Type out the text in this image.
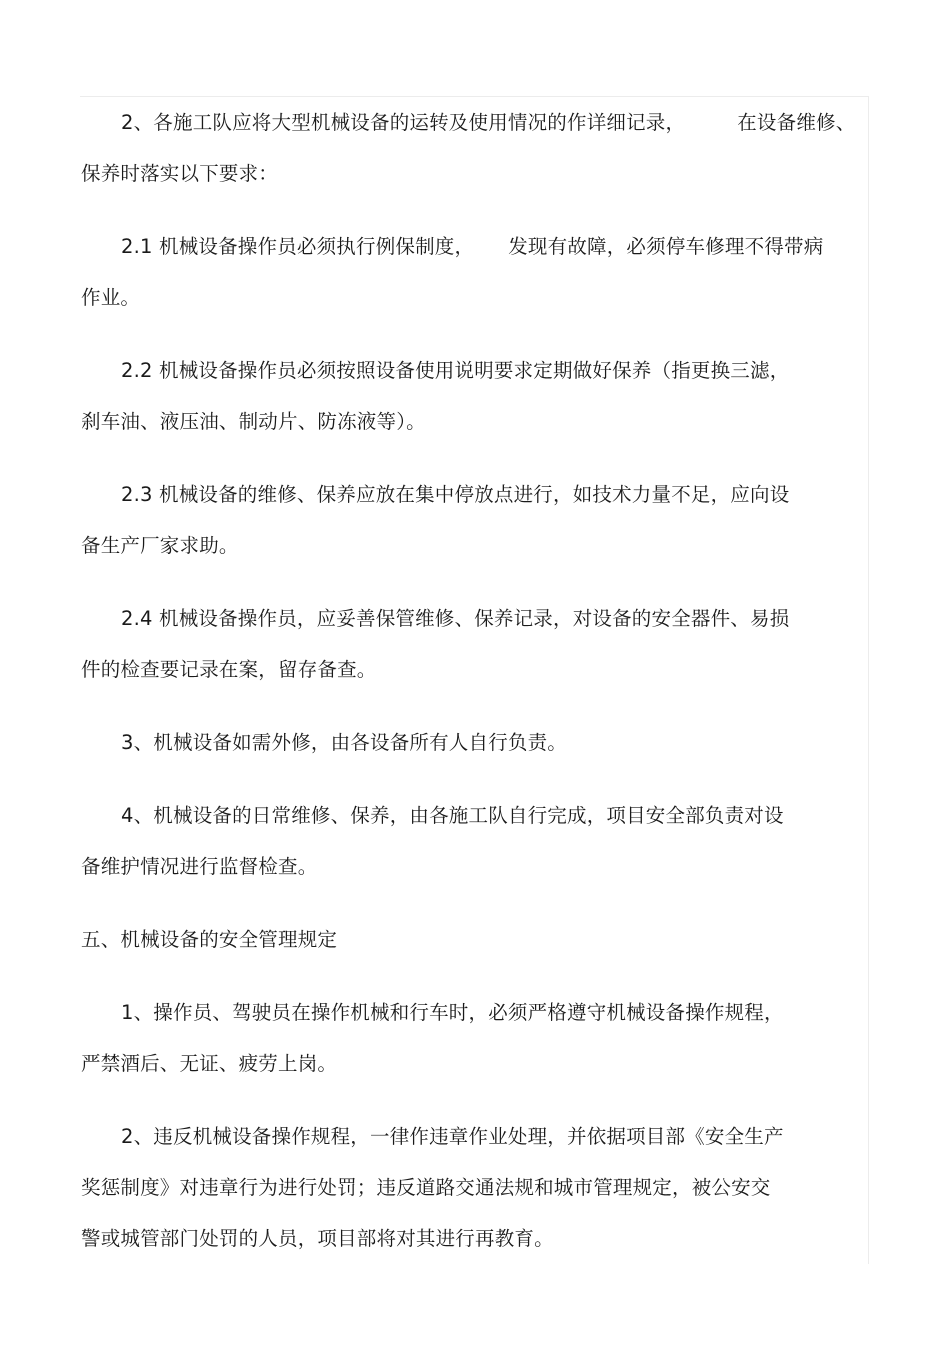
2、各施工队应将大型机械设备的运转及使用情况的作详细记录，	在设备维修、
保养时落实以下要求：
2.1 机械设备操作员必须执行例保制度， 发现有故障，必须停车修理不得带病
作业。
2.2 机械设备操作员必须按照设备使用说明要求定期做好保养（指更换三滤，
刹车油、液压油、制动片、防冻液等）。
2.3 机械设备的维修、保养应放在集中停放点进行，如技术力量不足，应向设
备生产厂家求助。
2.4 机械设备操作员，应妥善保管维修、保养记录，对设备的安全器件、易损
件的检查要记录在案，留存备查。
3、机械设备如需外修，由各设备所有人自行负责。
4、机械设备的日常维修、保养，由各施工队自行完成，项目安全部负责对设
备维护情况进行监督检查。
五、机械设备的安全管理规定
1、操作员、驾驶员在操作机械和行车时，必须严格遵守机械设备操作规程，
严禁酒后、无证、疲劳上岗。
2、违反机械设备操作规程，一律作违章作业处理，并依据项目部《安全生产
奖惩制度》对违章行为进行处罚；违反道路交通法规和城市管理规定，被公安交
警或城管部门处罚的人员，项目部将对其进行再教育。
